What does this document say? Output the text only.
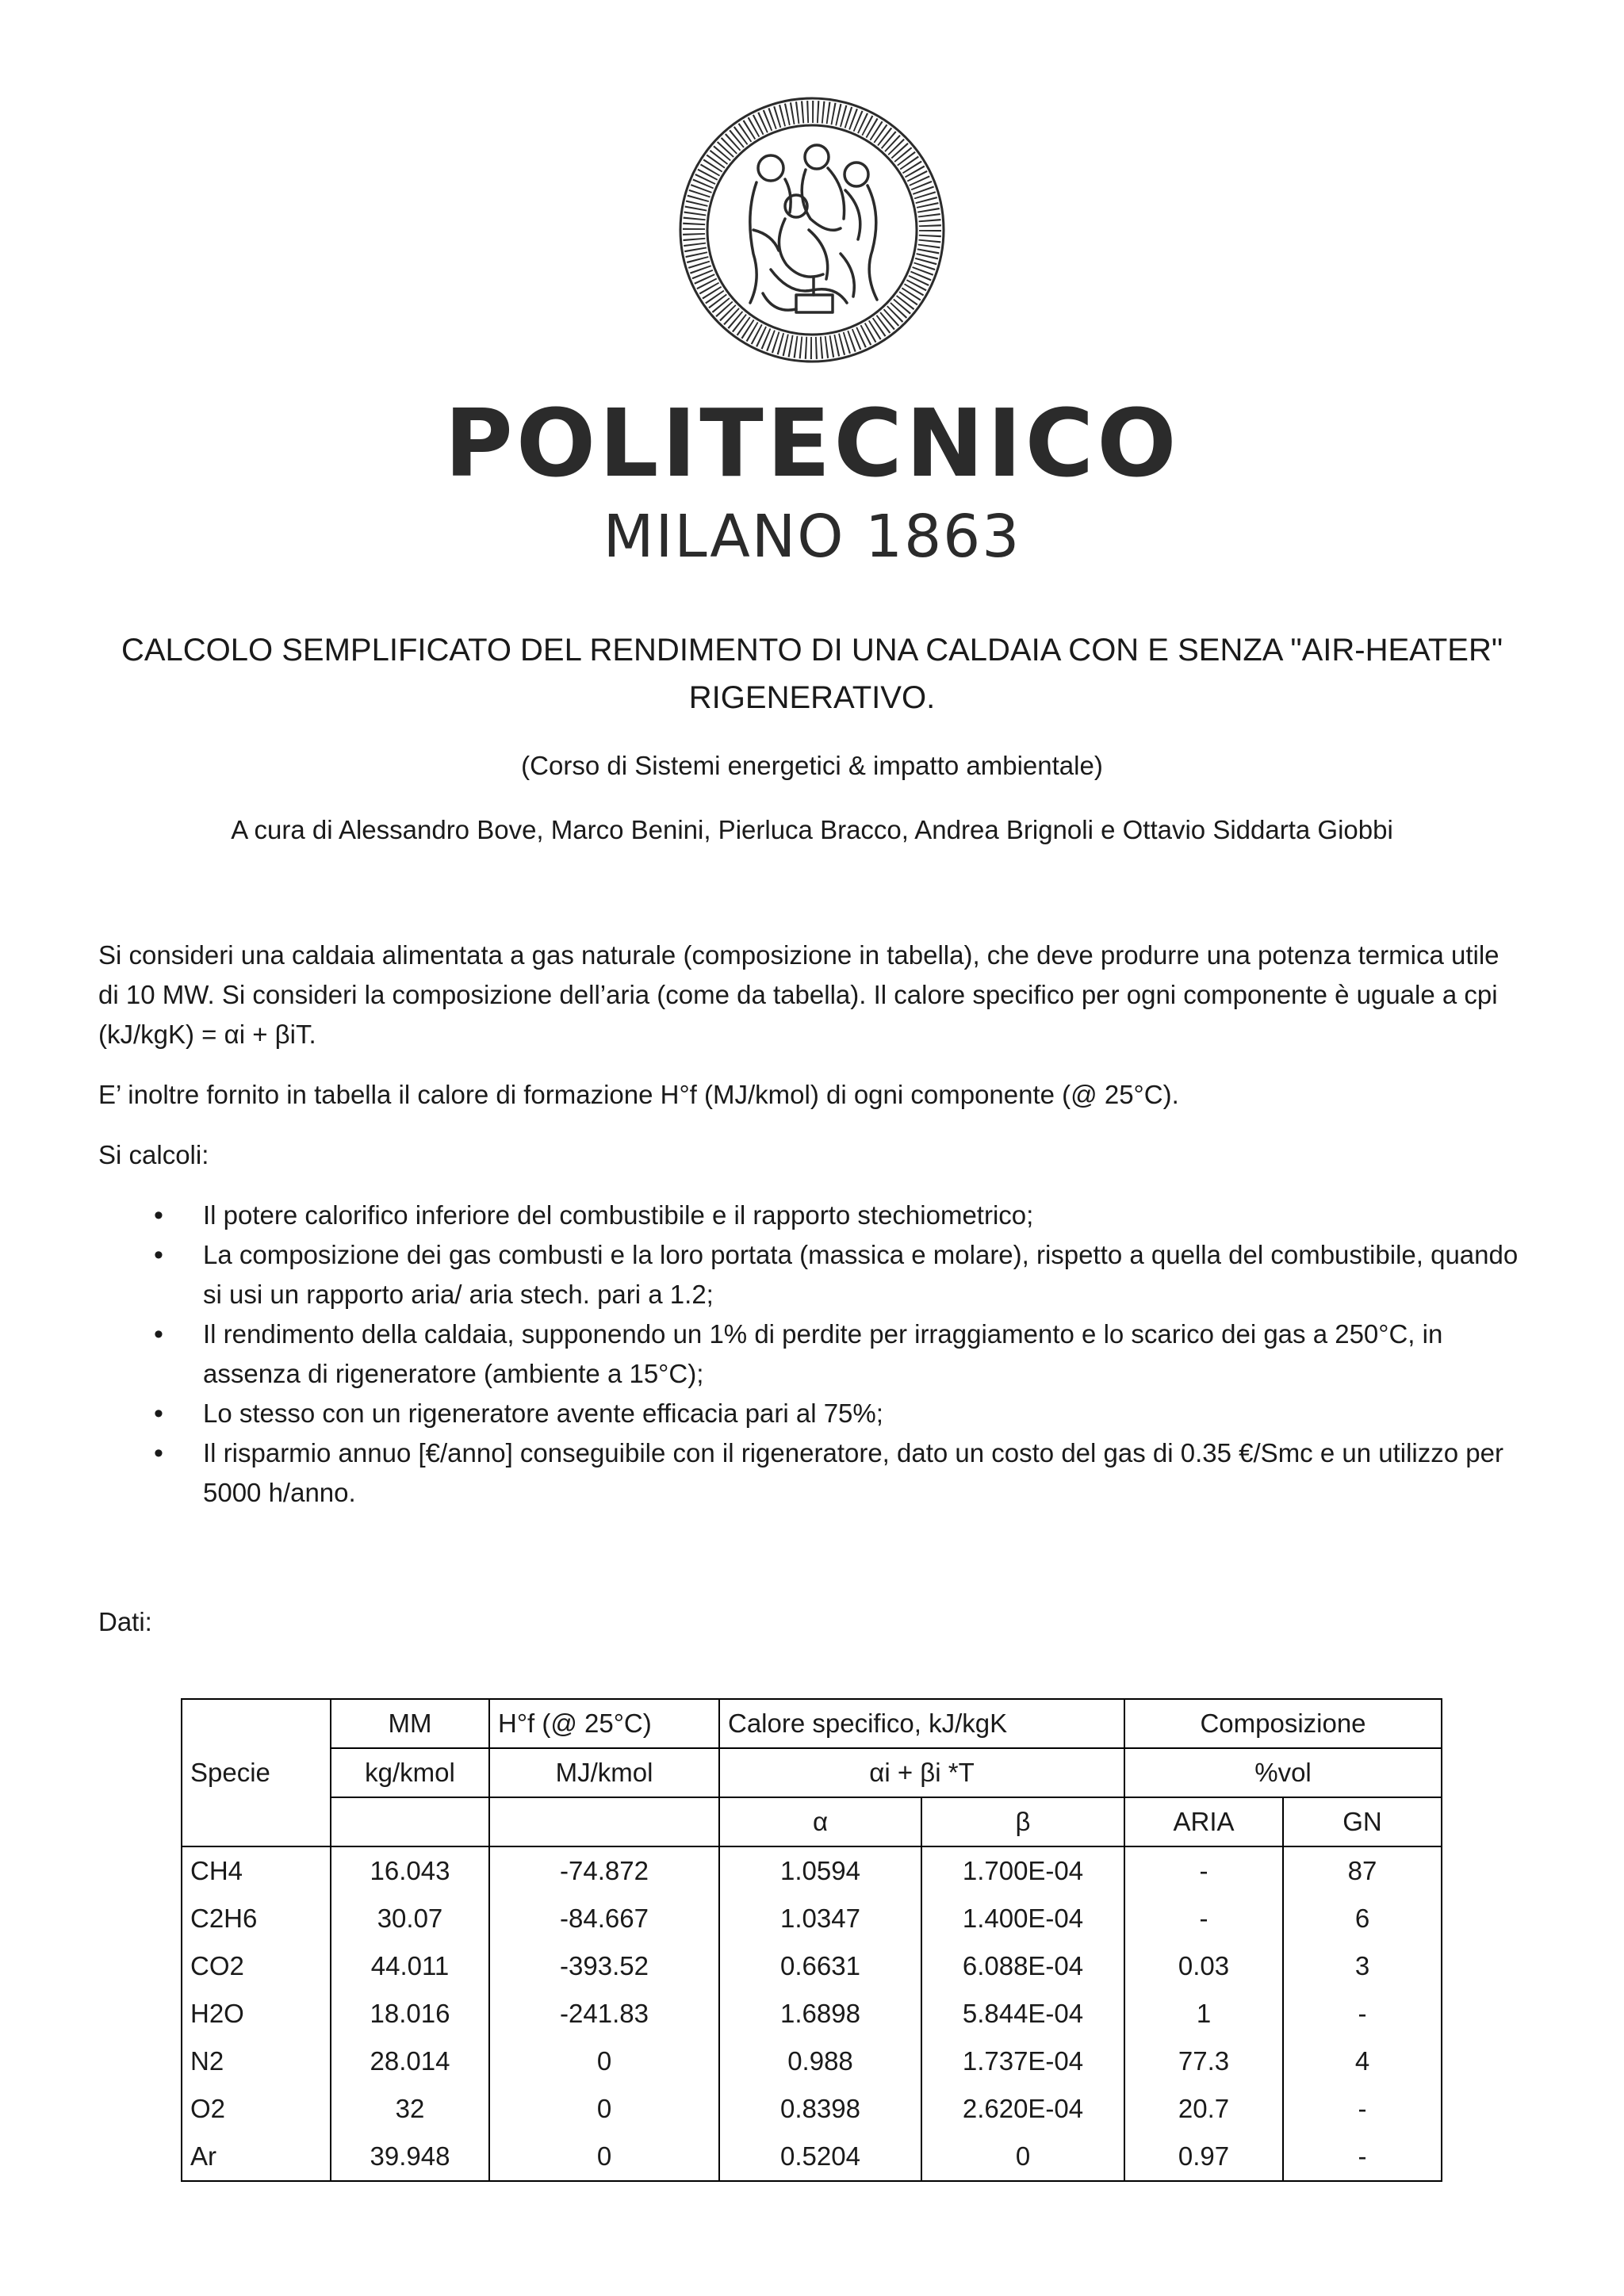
POLITECNICO
MILANO 1863
CALCOLO SEMPLIFICATO DEL RENDIMENTO DI UNA CALDAIA CON E SENZA "AIR-HEATER" RIGENERATIVO.
(Corso di Sistemi energetici & impatto ambientale)
A cura di Alessandro Bove, Marco Benini, Pierluca Bracco, Andrea Brignoli e Ottavio Siddarta Giobbi

Si consideri una caldaia alimentata a gas naturale (composizione in tabella), che deve produrre una potenza termica utile di 10 MW. Si consideri la composizione dell’aria (come da tabella). Il calore specifico per ogni componente è uguale a cpi (kJ/kgK) = αi + βiT.

E’ inoltre fornito in tabella il calore di formazione H°f (MJ/kmol) di ogni componente (@ 25°C).

Si calcoli:

• Il potere calorifico inferiore del combustibile e il rapporto stechiometrico;
• La composizione dei gas combusti e la loro portata (massica e molare), rispetto a quella del combustibile, quando si usi un rapporto aria/ aria stech. pari a 1.2;
• Il rendimento della caldaia, supponendo un 1% di perdite per irraggiamento e lo scarico dei gas a 250°C, in assenza di rigeneratore (ambiente a 15°C);
• Lo stesso con un rigeneratore avente efficacia pari al 75%;
• Il risparmio annuo [€/anno] conseguibile con il rigeneratore, dato un costo del gas di 0.35 €/Smc e un utilizzo per 5000 h/anno.
Dati:
	MM	H°f (@ 25°C)	Calore specifico, kJ/kgK		Composizione	
Specie	kg/kmol	MJ/kmol	αi + βi *T		%vol	
			α	β	ARIA	GN
CH4	16.043	-74.872	1.0594	1.700E-04	-	87
C2H6	30.07	-84.667	1.0347	1.400E-04	-	6
CO2	44.011	-393.52	0.6631	6.088E-04	0.03	3
H2O	18.016	-241.83	1.6898	5.844E-04	1	-
N2	28.014	0	0.988	1.737E-04	77.3	4
O2	32	0	0.8398	2.620E-04	20.7	-
Ar	39.948	0	0.5204	0	0.97	-
